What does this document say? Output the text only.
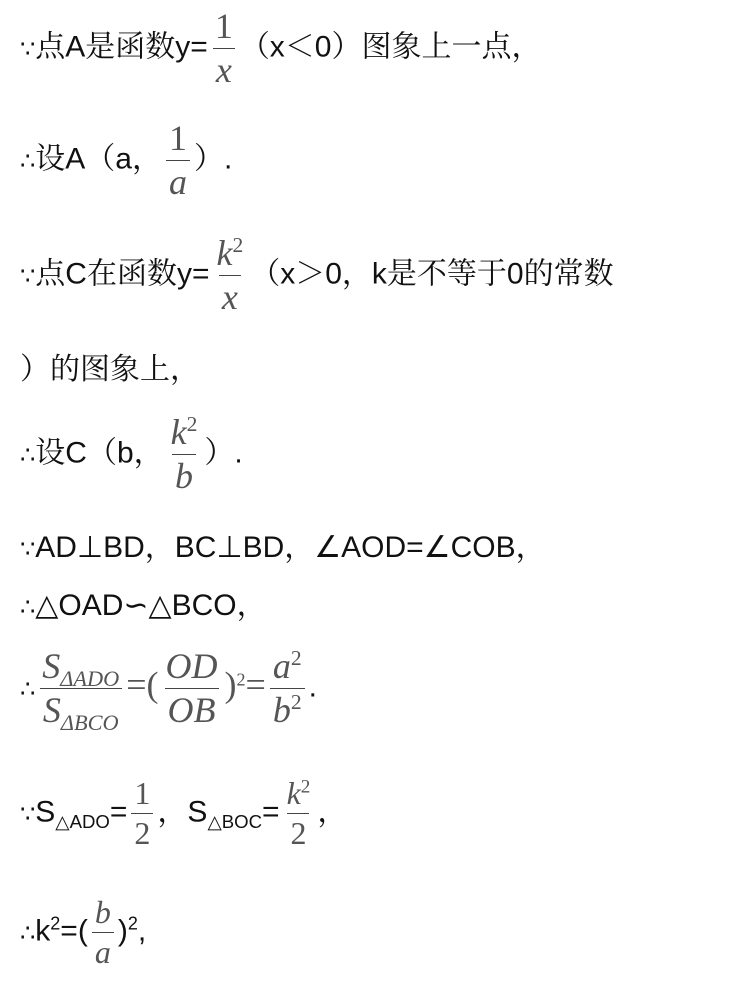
∵点A是函数$y= \frac{1}{x} (x<0)$图象上一点，
∴设A（a， $\frac{1}{a}$ ）.
∵点C在函数$y= \frac{k^2}{x} (x>0$，k是不等于0的常数
）的图象上，
∴设C（b， $\frac{k^2}{b}$ ）.
∵AD⊥BD，BC⊥BD，∠AOD=∠COB，
∴△OAD∽△BCO，
∴ $\frac{S_{\Delta ADO}}{S_{\Delta BCO}}$ =( $\frac{OD}{OB} )^2= \frac{a^2}{b^2}$ .
$\because S_{\triangle ADO}= \frac{1}{2}$ ，$S_{\triangle BOC}= \frac{k^2}{2}$ ，
$\therefore k^2=( \frac{b}{a} )^2$,
